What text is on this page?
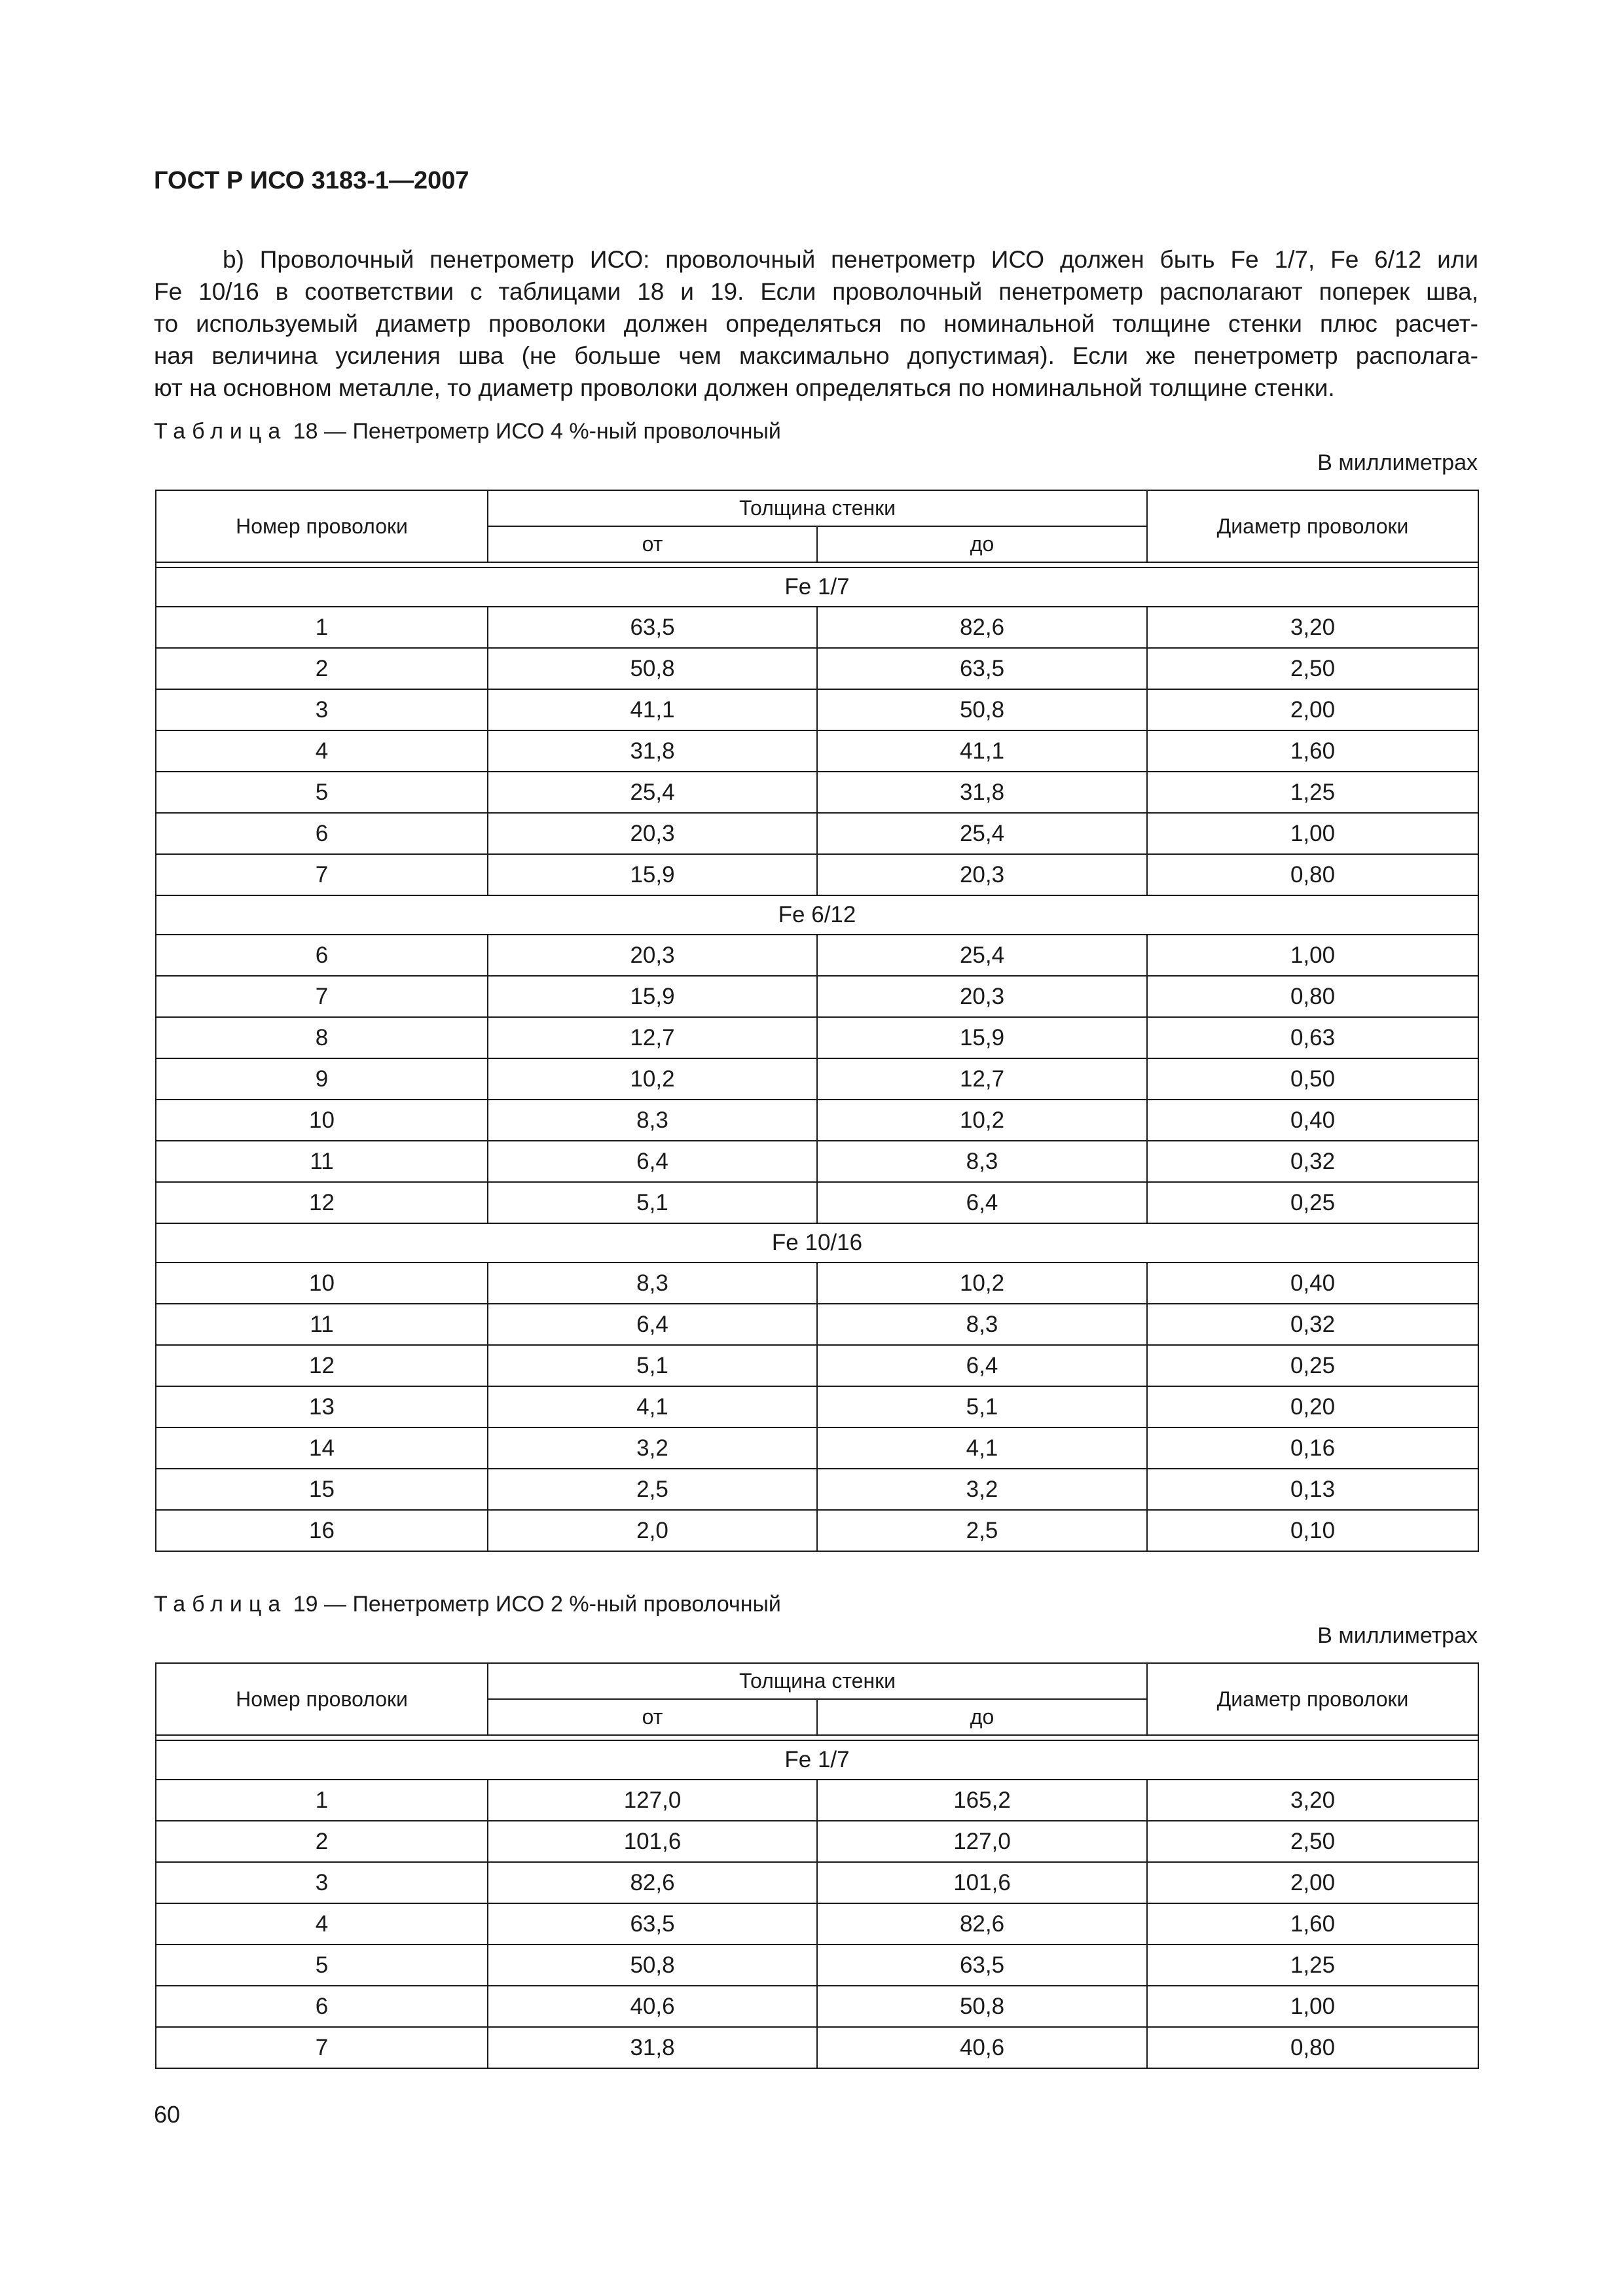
ГОСТ Р ИСО 3183-1—2007
b) Проволочный пенетрометр ИСО: проволочный пенетрометр ИСО должен быть Fe 1/7, Fe 6/12 или
Fe 10/16 в соответствии с таблицами 18 и 19. Если проволочный пенетрометр располагают поперек шва,
то используемый диаметр проволоки должен определяться по номинальной толщине стенки плюс расчет-
ная величина усиления шва (не больше чем максимально допустимая). Если же пенетрометр располага-
ют на основном металле, то диаметр проволоки должен определяться по номинальной толщине стенки.
Таблица 18 — Пенетрометр ИСО 4 %-ный проволочный
В миллиметрах
Номер проволоки	Толщина стенки		Диаметр проволоки
	от	до	

Fe 1/7			
1	63,5	82,6	3,20
2	50,8	63,5	2,50
3	41,1	50,8	2,00
4	31,8	41,1	1,60
5	25,4	31,8	1,25
6	20,3	25,4	1,00
7	15,9	20,3	0,80
Fe 6/12			
6	20,3	25,4	1,00
7	15,9	20,3	0,80
8	12,7	15,9	0,63
9	10,2	12,7	0,50
10	8,3	10,2	0,40
11	6,4	8,3	0,32
12	5,1	6,4	0,25
Fe 10/16			
10	8,3	10,2	0,40
11	6,4	8,3	0,32
12	5,1	6,4	0,25
13	4,1	5,1	0,20
14	3,2	4,1	0,16
15	2,5	3,2	0,13
16	2,0	2,5	0,10
Таблица 19 — Пенетрометр ИСО 2 %-ный проволочный
В миллиметрах
Номер проволоки	Толщина стенки		Диаметр проволоки
	от	до	

Fe 1/7			
1	127,0	165,2	3,20
2	101,6	127,0	2,50
3	82,6	101,6	2,00
4	63,5	82,6	1,60
5	50,8	63,5	1,25
6	40,6	50,8	1,00
7	31,8	40,6	0,80
60
